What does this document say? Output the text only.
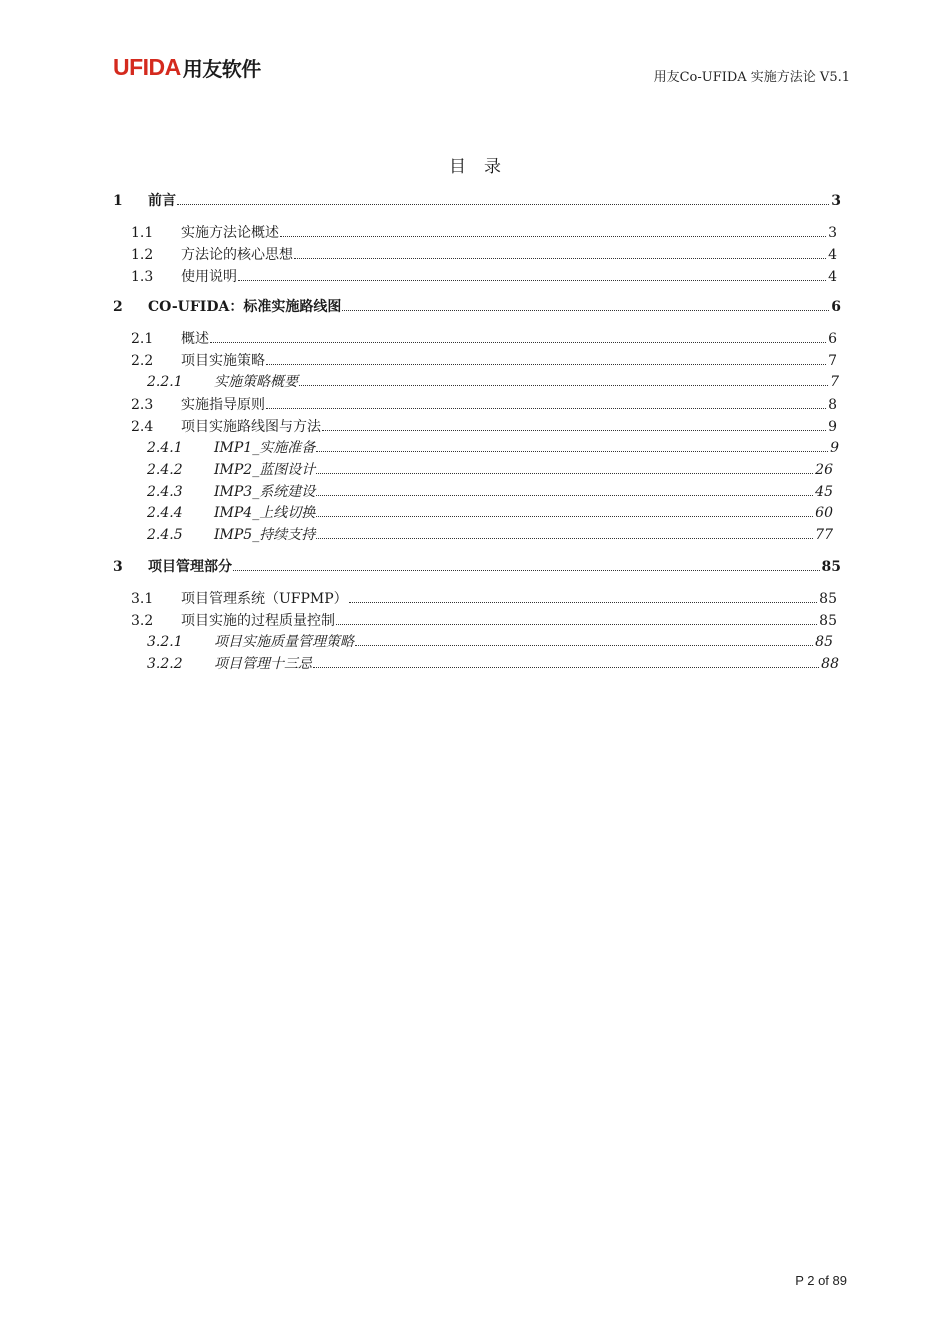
UFIDA 用友软件	用友Co-UFIDA 实施方法论 V5.1
目录
1	前言	3
1.1	实施方法论概述	3
1.2	方法论的核心思想	4
1.3	使用说明	4
2	CO-UFIDA：标准实施路线图	6
2.1	概述	6
2.2	项目实施策略	7
2.2.1	实施策略概要	7
2.3	实施指导原则	8
2.4	项目实施路线图与方法	9
2.4.1	IMP1_实施准备	9
2.4.2	IMP2_蓝图设计	26
2.4.3	IMP3_系统建设	45
2.4.4	IMP4_上线切换	60
2.4.5	IMP5_持续支持	77
3	项目管理部分	85
3.1	项目管理系统（UFPMP）	85
3.2	项目实施的过程质量控制	85
3.2.1	项目实施质量管理策略	85
3.2.2	项目管理十三忌	88
P 2 of 89
